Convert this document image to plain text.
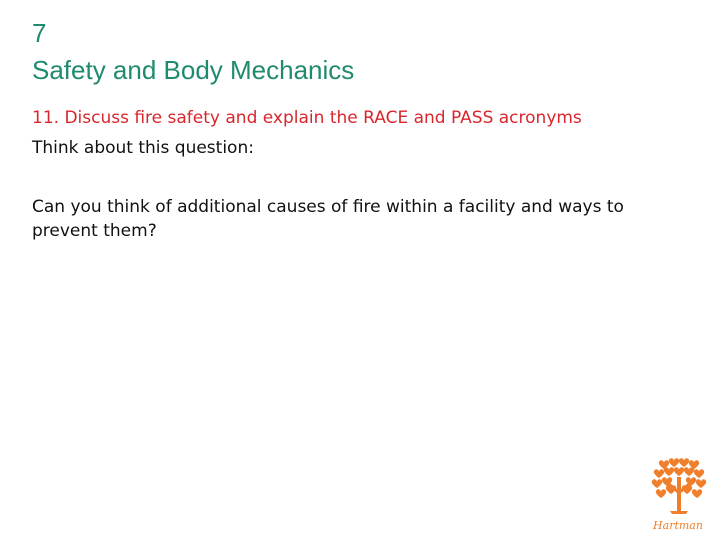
7
Safety and Body Mechanics
11. Discuss fire safety and explain the RACE and PASS acronyms
Think about this question:
Can you think of additional causes of fire within a facility and ways to prevent them?
Hartman
